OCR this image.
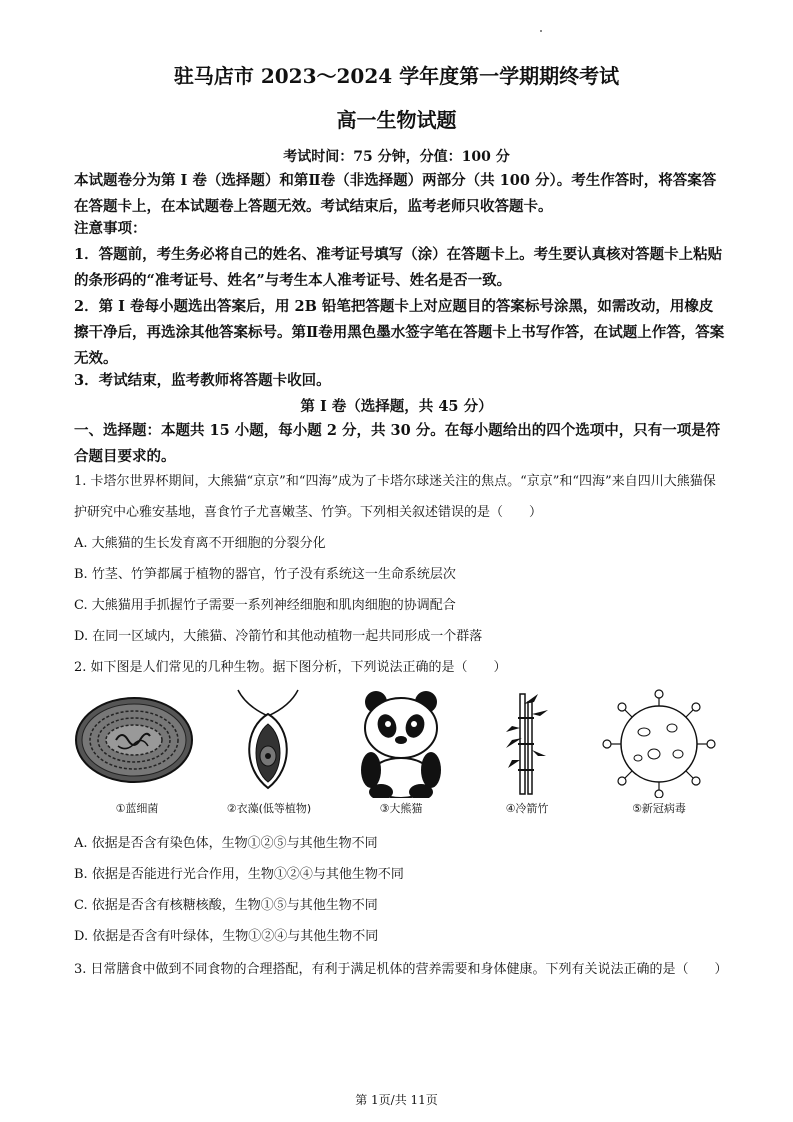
驻马店市 2023～2024 学年度第一学期期终考试
高一生物试题
考试时间：75 分钟，分值：100 分
本试题卷分为第 I 卷（选择题）和第Ⅱ卷（非选择题）两部分（共 100 分）。考生作答时，将答案答在答题卡上，在本试题卷上答题无效。考试结束后，监考老师只收答题卡。
注意事项：
1．答题前，考生务必将自己的姓名、准考证号填写（涂）在答题卡上。考生要认真核对答题卡上粘贴的条形码的“准考证号、姓名”与考生本人准考证号、姓名是否一致。
2．第 I 卷每小题选出答案后，用 2B 铅笔把答题卡上对应题目的答案标号涂黑，如需改动，用橡皮擦干净后，再选涂其他答案标号。第Ⅱ卷用黑色墨水签字笔在答题卡上书写作答，在试题上作答，答案无效。
3．考试结束，监考教师将答题卡收回。
第 I 卷（选择题，共 45 分）
一、选择题：本题共 15 小题，每小题 2 分，共 30 分。在每小题给出的四个选项中，只有一项是符合题目要求的。
1. 卡塔尔世界杯期间，大熊猫“京京”和“四海”成为了卡塔尔球迷关注的焦点。“京京”和“四海”来自四川大熊猫保护研究中心雅安基地，喜食竹子尤喜嫩茎、竹笋。下列相关叙述错误的是（　　）
A. 大熊猫的生长发育离不开细胞的分裂分化
B. 竹茎、竹笋都属于植物的器官，竹子没有系统这一生命系统层次
C. 大熊猫用手抓握竹子需要一系列神经细胞和肌肉细胞的协调配合
D. 在同一区域内，大熊猫、冷箭竹和其他动植物一起共同形成一个群落
2. 如下图是人们常见的几种生物。据下图分析，下列说法正确的是（　　）
①蓝细菌	②衣藻(低等植物)	③大熊猫	④冷箭竹	⑤新冠病毒
A. 依据是否含有染色体，生物①②⑤与其他生物不同
B. 依据是否能进行光合作用，生物①②④与其他生物不同
C. 依据是否含有核糖核酸，生物①⑤与其他生物不同
D. 依据是否含有叶绿体，生物①②④与其他生物不同
3. 日常膳食中做到不同食物的合理搭配，有利于满足机体的营养需要和身体健康。下列有关说法正确的是（　　）
第 1页/共 11页
